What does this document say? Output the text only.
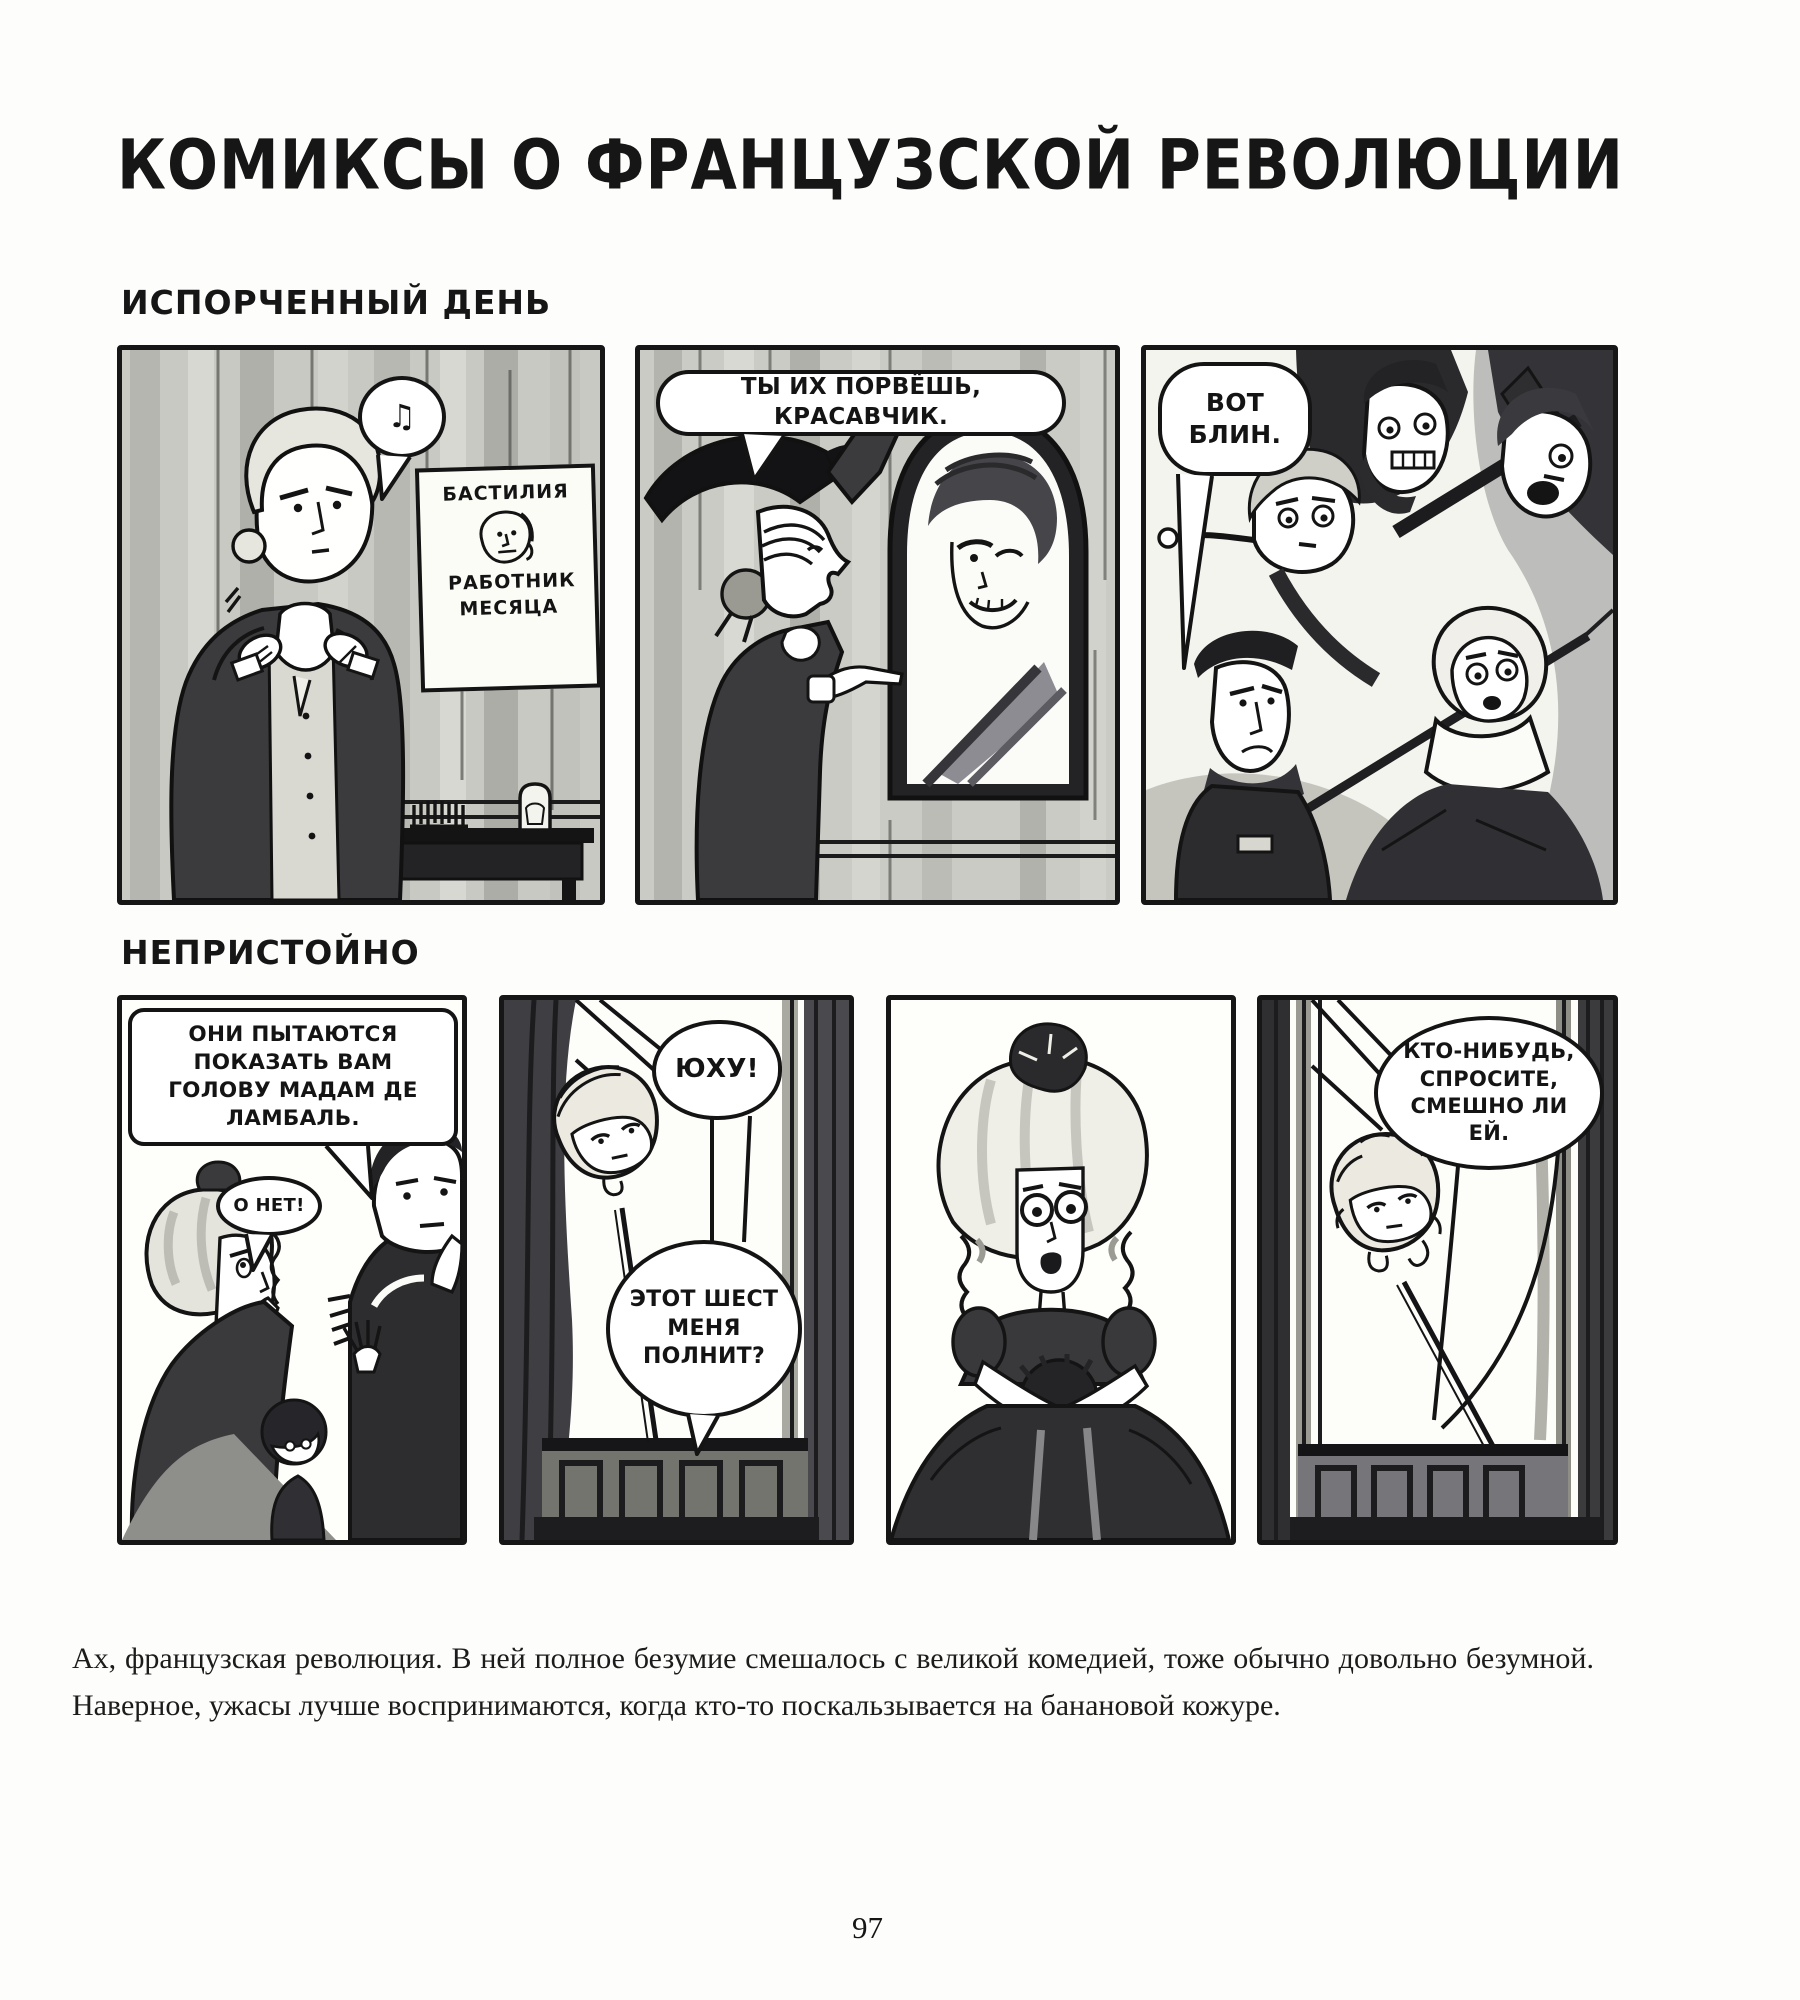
КОМИКСЫ О ФРАНЦУЗСКОЙ РЕВОЛЮЦИИ
ИСПОРЧЕННЫЙ ДЕНЬ
НЕПРИСТОЙНО
♫
БАСТИЛИЯ
РАБОТНИК МЕСЯЦА
ТЫ ИХ ПОРВЁШЬ, КРАСАВЧИК.
ВОТ БЛИН.
ОНИ ПЫТАЮТСЯ ПОКАЗАТЬ ВАМ ГОЛОВУ МАДАМ ДЕ ЛАМБАЛЬ.
О НЕТ!
ЮХУ!
ЭТОТ ШЕСТ МЕНЯ ПОЛНИТ?
КТО-НИБУДЬ, СПРОСИТЕ, СМЕШНО ЛИ ЕЙ.
Ах, французская революция. В ней полное безумие смешалось с великой комедией, тоже обычно довольно безумной.
Наверное, ужасы лучше воспринимаются, когда кто-то поскальзывается на банановой кожуре.
97
